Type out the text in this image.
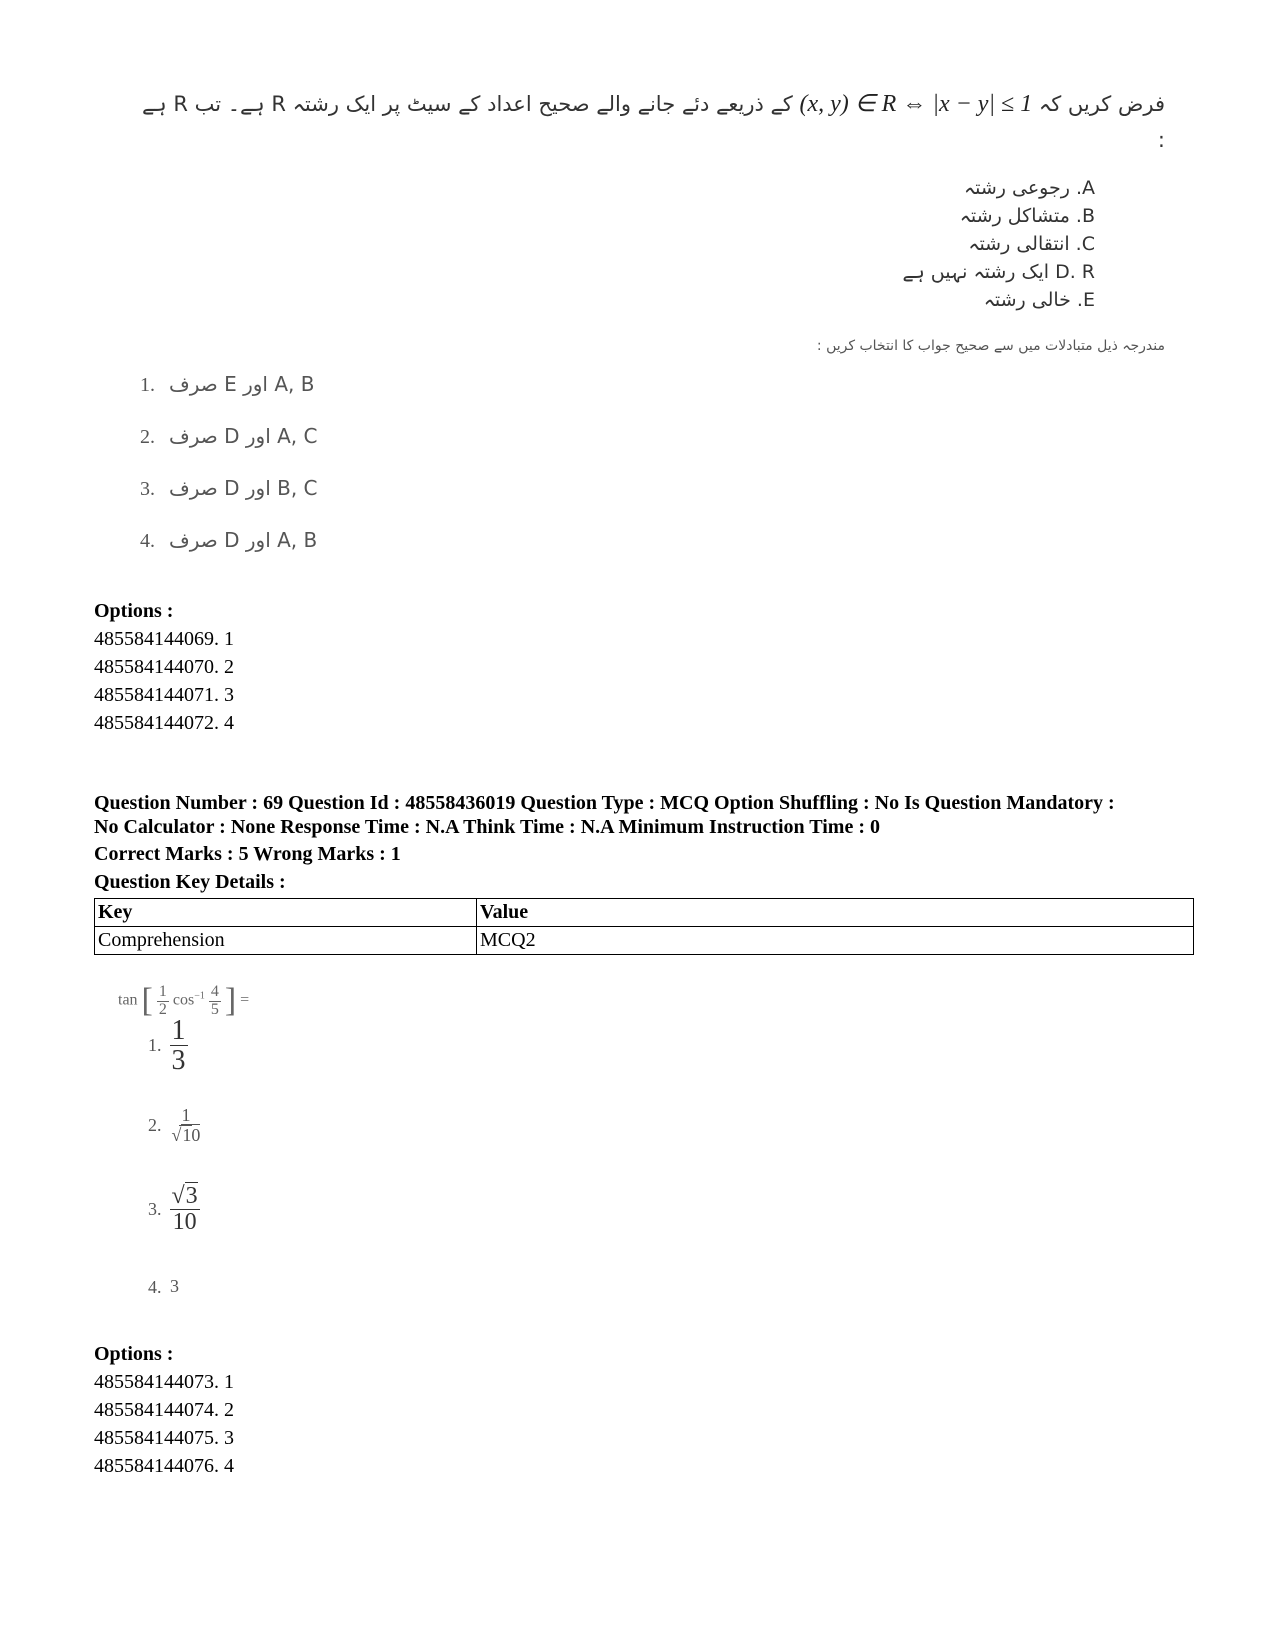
فرض کریں کہ (x, y) ∈ R ⇔ |x − y| ≤ 1 کے ذریعے دئے جانے والے صحیح اعداد کے سیٹ پر ایک رشتہ R ہے۔ تب R ہے
:
A. رجوعی رشتہ
B. متشاکل رشتہ
C. انتقالی رشتہ
D. R ایک رشتہ نہیں ہے
E. خالی رشتہ
مندرجہ ذیل متبادلات میں سے صحیح جواب کا انتخاب کریں :
1. A, B اور E صرف
2. A, C اور D صرف
3. B, C اور D صرف
4. A, B اور D صرف
Options :
485584144069. 1
485584144070. 2
485584144071. 3
485584144072. 4
Question Number : 69 Question Id : 48558436019 Question Type : MCQ Option Shuffling : No Is Question Mandatory :
No Calculator : None Response Time : N.A Think Time : N.A Minimum Instruction Time : 0
Correct Marks : 5 Wrong Marks : 1
Question Key Details :
Key	Value
Comprehension	MCQ2
tan [ $\frac{1}{2} \cos^{-1} \frac{4}{5}$ ] =
1. $\frac{1}{3}$
2. $\frac{1}{√10}$
3. $\frac{√3}{10}$
4. 3
Options :
485584144073. 1
485584144074. 2
485584144075. 3
485584144076. 4
